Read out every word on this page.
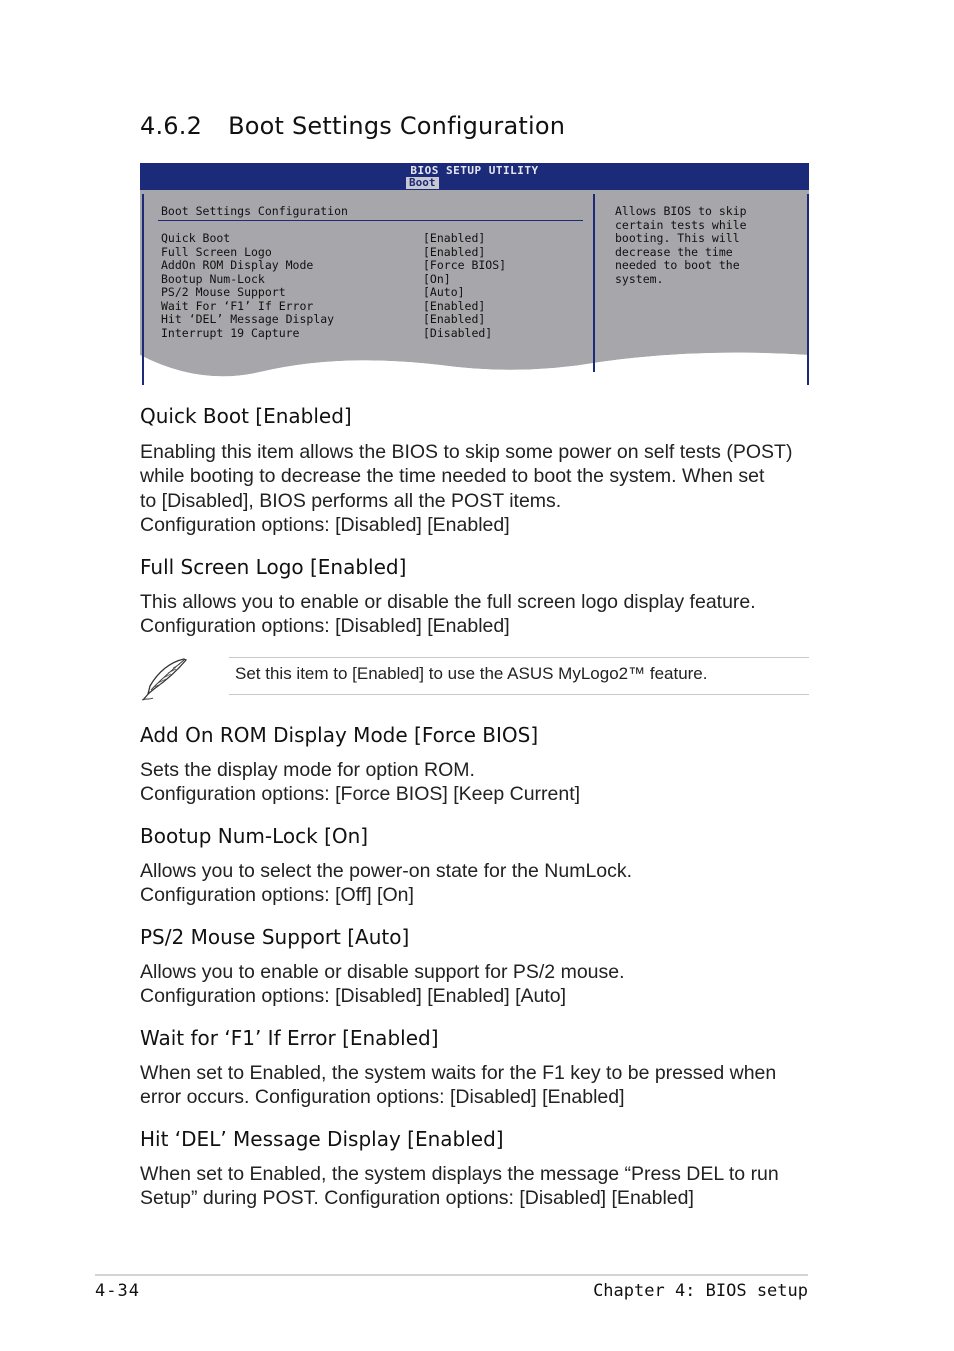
4.6.2 Boot Settings Configuration
BIOS SETUP UTILITY
Boot
Boot Settings Configuration
Quick Boot	[Enabled]
Full Screen Logo	[Enabled]
AddOn ROM Display Mode	[Force BIOS]
Bootup Num-Lock	[On]
PS/2 Mouse Support	[Auto]
Wait For ‘F1’ If Error	[Enabled]
Hit ‘DEL’ Message Display	[Enabled]
Interrupt 19 Capture	[Disabled]
Allows BIOS to skip
certain tests while
booting. This will
decrease the time
needed to boot the
system.
Quick Boot [Enabled]

Enabling this item allows the BIOS to skip some power on self tests (POST)
while booting to decrease the time needed to boot the system. When set
to [Disabled], BIOS performs all the POST items.
Configuration options: [Disabled] [Enabled]

Full Screen Logo [Enabled]

This allows you to enable or disable the full screen logo display feature.
Configuration options: [Disabled] [Enabled]

Set this item to [Enabled] to use the ASUS MyLogo2™ feature.

Add On ROM Display Mode [Force BIOS]

Sets the display mode for option ROM.
Configuration options: [Force BIOS] [Keep Current]

Bootup Num-Lock [On]

Allows you to select the power-on state for the NumLock.
Configuration options: [Off] [On]

PS/2 Mouse Support [Auto]

Allows you to enable or disable support for PS/2 mouse.
Configuration options: [Disabled] [Enabled] [Auto]

Wait for ‘F1’ If Error [Enabled]

When set to Enabled, the system waits for the F1 key to be pressed when
error occurs. Configuration options: [Disabled] [Enabled]

Hit ‘DEL’ Message Display [Enabled]

When set to Enabled, the system displays the message “Press DEL to run
Setup” during POST. Configuration options: [Disabled] [Enabled]

4-34	Chapter 4: BIOS setup
